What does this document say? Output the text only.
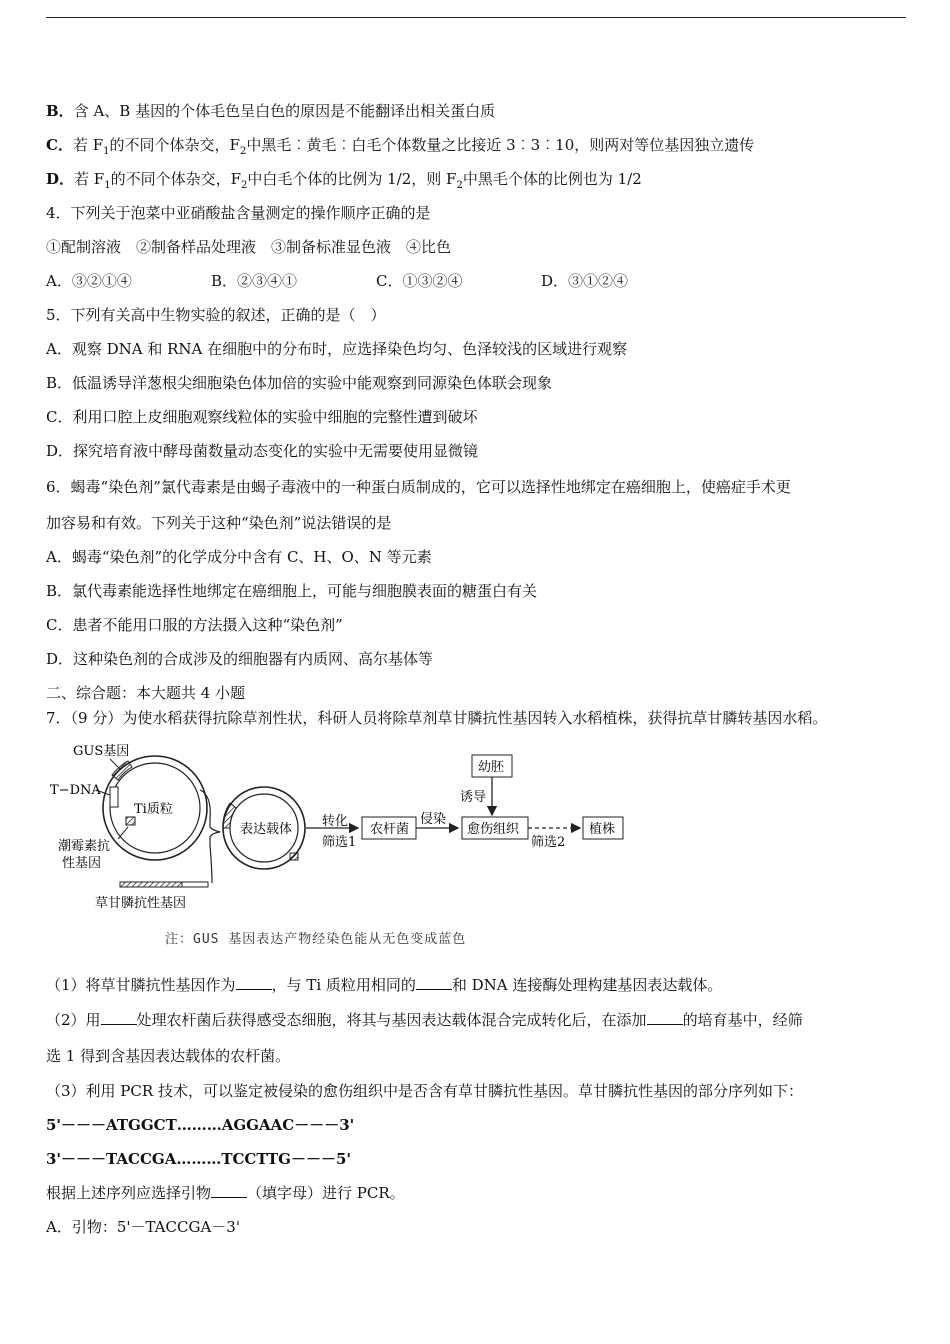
B．含 A、B 基因的个体毛色呈白色的原因是不能翻译出相关蛋白质
C．若 $F_1$的不同个体杂交，$F_2$中黑毛︰黄毛︰白毛个体数量之比接近 3︰3︰10，则两对等位基因独立遗传
D．若 $F_1$的不同个体杂交，$F_2$中白毛个体的比例为 1/2，则 $F_2$中黑毛个体的比例也为 1/2
4．下列关于泡菜中亚硝酸盐含量测定的操作顺序正确的是
①配制溶液　②制备样品处理液　③制备标准显色液　④比色
A．③②①④	B．②③④①	C．①③②④	D．③①②④
5．下列有关高中生物实验的叙述，正确的是（　）
A．观察 DNA 和 RNA 在细胞中的分布时，应选择染色均匀、色泽较浅的区域进行观察
B．低温诱导洋葱根尖细胞染色体加倍的实验中能观察到同源染色体联会现象
C．利用口腔上皮细胞观察线粒体的实验中细胞的完整性遭到破坏
D．探究培育液中酵母菌数量动态变化的实验中无需要使用显微镜
6．蝎毒“染色剂”氯代毒素是由蝎子毒液中的一种蛋白质制成的，它可以选择性地绑定在癌细胞上，使癌症手术更
加容易和有效。下列关于这种“染色剂”说法错误的是
A．蝎毒“染色剂”的化学成分中含有 C、H、O、N 等元素
B．氯代毒素能选择性地绑定在癌细胞上，可能与细胞膜表面的糖蛋白有关
C．患者不能用口服的方法摄入这种“染色剂”
D．这种染色剂的合成涉及的细胞器有内质网、高尔基体等
二、综合题：本大题共 4 小题
7．（9 分）为使水稻获得抗除草剂性状，科研人员将除草剂草甘膦抗性基因转入水稻植株，获得抗草甘膦转基因水稻。
GUS基因
T−DNA
Ti质粒
潮霉素抗
性基因
草甘膦抗性基因
表达载体
转化
筛选1
农杆菌
侵染
愈伤组织
幼胚
诱导
筛选2
植株
注：GUS 基因表达产物经染色能从无色变成蓝色
（1）将草甘膦抗性基因作为 ，与 Ti 质粒用相同的 和 DNA 连接酶处理构建基因表达载体。
（2）用 处理农杆菌后获得感受态细胞，将其与基因表达载体混合完成转化后，在添加 的培育基中，经筛
选 1 得到含基因表达载体的农杆菌。
（3）利用 PCR 技术，可以鉴定被侵染的愈伤组织中是否含有草甘膦抗性基因。草甘膦抗性基因的部分序列如下：
5'－－－ATGGCT………AGGAAC－－－3'
3'－－－TACCGA………TCCTTG－－－5'
根据上述序列应选择引物 （填字母）进行 PCR。
A．引物：5'－TACCGA－3'
